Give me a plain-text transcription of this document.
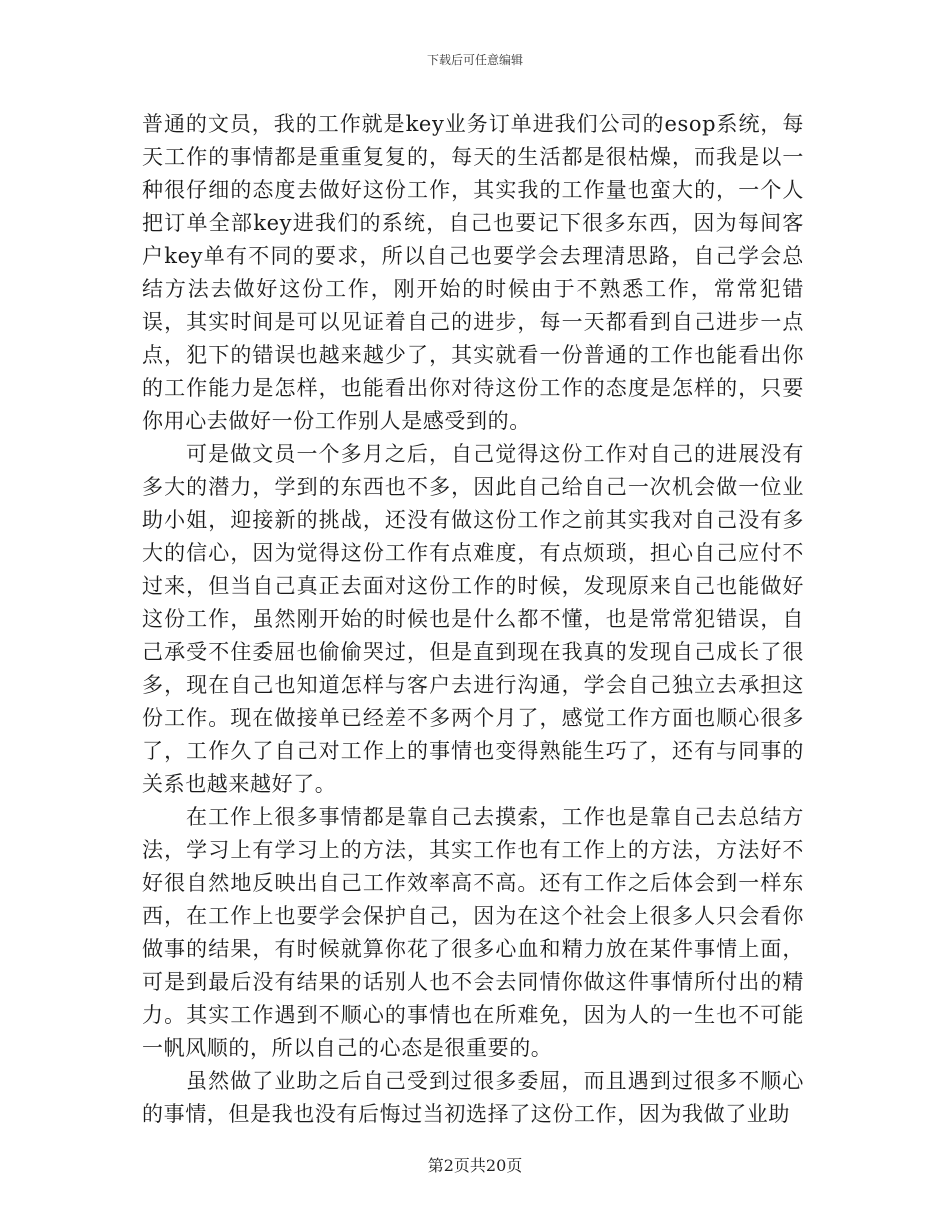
下载后可任意编辑

普通的文员，我的工作就是key业务订单进我们公司的esop系统，每天工作的事情都是重重复复的，每天的生活都是很枯燥，而我是以一种很仔细的态度去做好这份工作，其实我的工作量也蛮大的，一个人把订单全部key进我们的系统，自己也要记下很多东西，因为每间客户key单有不同的要求，所以自己也要学会去理清思路，自己学会总结方法去做好这份工作，刚开始的时候由于不熟悉工作，常常犯错误，其实时间是可以见证着自己的进步，每一天都看到自己进步一点点，犯下的错误也越来越少了，其实就看一份普通的工作也能看出你的工作能力是怎样，也能看出你对待这份工作的态度是怎样的，只要你用心去做好一份工作别人是感受到的。

可是做文员一个多月之后，自己觉得这份工作对自己的进展没有多大的潜力，学到的东西也不多，因此自己给自己一次机会做一位业助小姐，迎接新的挑战，还没有做这份工作之前其实我对自己没有多大的信心，因为觉得这份工作有点难度，有点烦琐，担心自己应付不过来，但当自己真正去面对这份工作的时候，发现原来自己也能做好这份工作，虽然刚开始的时候也是什么都不懂，也是常常犯错误，自己承受不住委屈也偷偷哭过，但是直到现在我真的发现自己成长了很多，现在自己也知道怎样与客户去进行沟通，学会自己独立去承担这份工作。现在做接单已经差不多两个月了，感觉工作方面也顺心很多了，工作久了自己对工作上的事情也变得熟能生巧了，还有与同事的关系也越来越好了。

在工作上很多事情都是靠自己去摸索，工作也是靠自己去总结方法，学习上有学习上的方法，其实工作也有工作上的方法，方法好不好很自然地反映出自己工作效率高不高。还有工作之后体会到一样东西，在工作上也要学会保护自己，因为在这个社会上很多人只会看你做事的结果，有时候就算你花了很多心血和精力放在某件事情上面，可是到最后没有结果的话别人也不会去同情你做这件事情所付出的精力。其实工作遇到不顺心的事情也在所难免，因为人的一生也不可能一帆风顺的，所以自己的心态是很重要的。

虽然做了业助之后自己受到过很多委屈，而且遇到过很多不顺心的事情，但是我也没有后悔过当初选择了这份工作，因为我做了业助

第2页共20页
